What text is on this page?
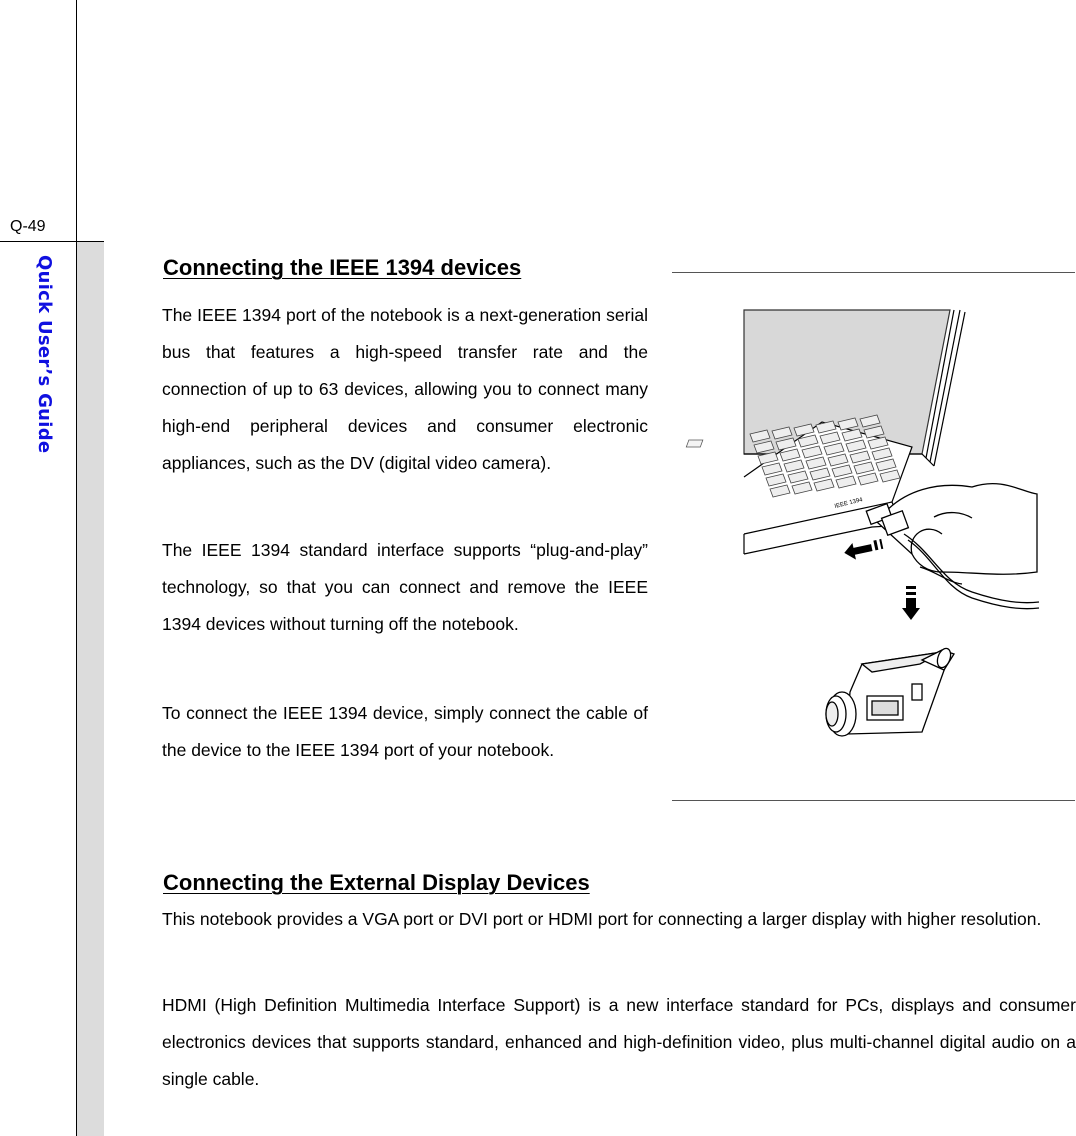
Q-49
Quick User’s Guide	Connecting the IEEE 1394 devices

The IEEE 1394 port of the notebook is a next-generation serial bus that features a high-speed transfer rate and the connection of up to 63 devices, allowing you to connect many high-end peripheral devices and consumer electronic appliances, such as the DV (digital video camera).

The IEEE 1394 standard interface supports “plug-and-play” technology, so that you can connect and remove the IEEE 1394 devices without turning off the notebook.

To connect the IEEE 1394 device, simply connect the cable of the device to the IEEE 1394 port of your notebook.

IEEE 1394
Connecting the External Display Devices

This notebook provides a VGA port or DVI port or HDMI port for connecting a larger display with higher resolution.

HDMI (High Definition Multimedia Interface Support) is a new interface standard for PCs, displays and consumer electronics devices that supports standard, enhanced and high-definition video, plus multi-channel digital audio on a single cable.
